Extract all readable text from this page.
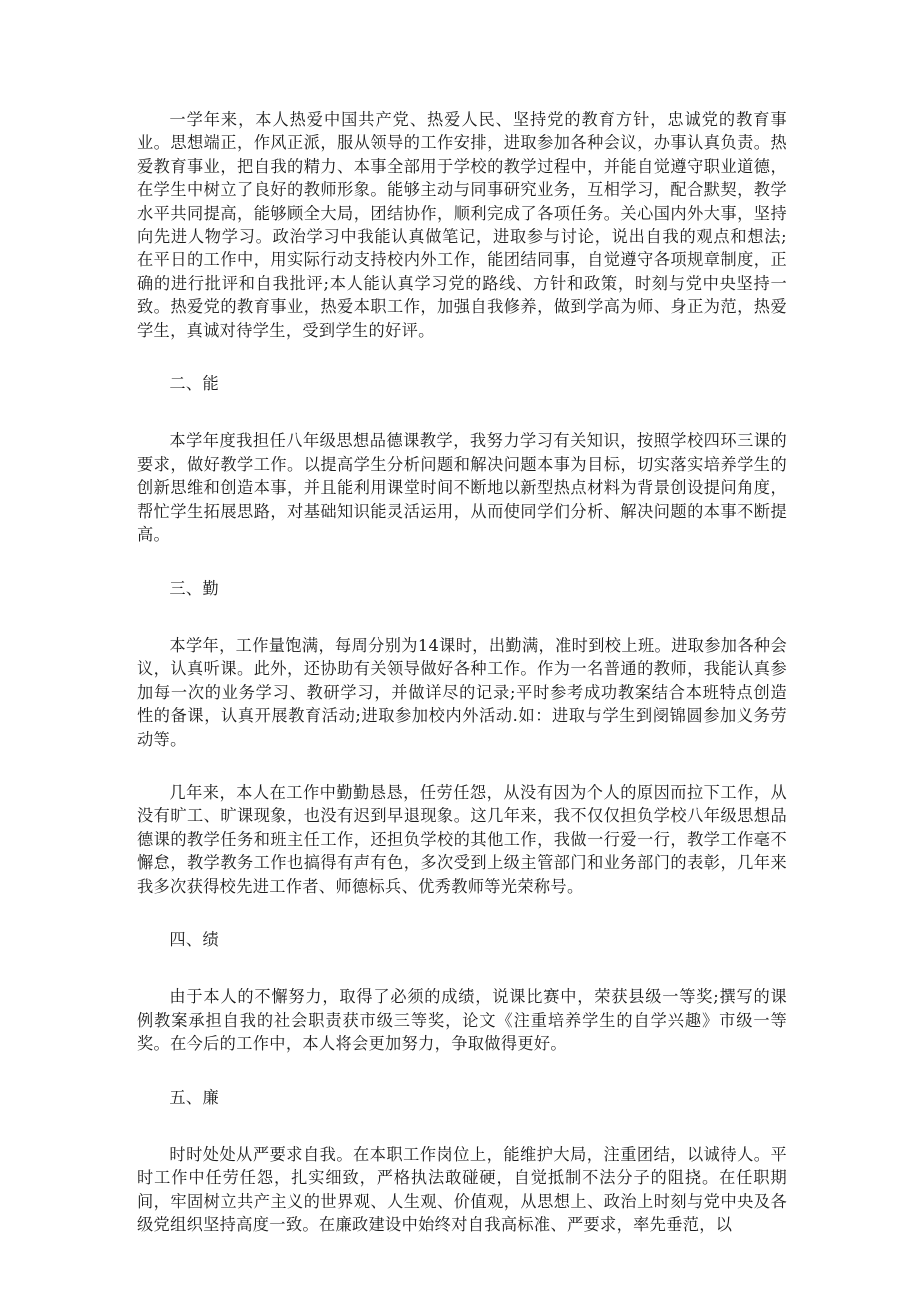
一学年来，本人热爱中国共产党、热爱人民、坚持党的教育方针，忠诚党的教育事业。思想端正，作风正派，服从领导的工作安排，进取参加各种会议，办事认真负责。热爱教育事业，把自我的精力、本事全部用于学校的教学过程中，并能自觉遵守职业道德，在学生中树立了良好的教师形象。能够主动与同事研究业务，互相学习，配合默契，教学水平共同提高，能够顾全大局，团结协作，顺利完成了各项任务。关心国内外大事，坚持向先进人物学习。政治学习中我能认真做笔记，进取参与讨论，说出自我的观点和想法;在平日的工作中，用实际行动支持校内外工作，能团结同事，自觉遵守各项规章制度，正确的进行批评和自我批评;本人能认真学习党的路线、方针和政策，时刻与党中央坚持一致。热爱党的教育事业，热爱本职工作，加强自我修养，做到学高为师、身正为范，热爱学生，真诚对待学生，受到学生的好评。

二、能

本学年度我担任八年级思想品德课教学，我努力学习有关知识，按照学校四环三课的要求，做好教学工作。以提高学生分析问题和解决问题本事为目标，切实落实培养学生的创新思维和创造本事，并且能利用课堂时间不断地以新型热点材料为背景创设提问角度，帮忙学生拓展思路，对基础知识能灵活运用，从而使同学们分析、解决问题的本事不断提高。

三、勤

本学年，工作量饱满，每周分别为14课时，出勤满，准时到校上班。进取参加各种会议，认真听课。此外，还协助有关领导做好各种工作。作为一名普通的教师，我能认真参加每一次的业务学习、教研学习，并做详尽的记录;平时参考成功教案结合本班特点创造性的备课，认真开展教育活动;进取参加校内外活动.如：进取与学生到阌锦圆参加义务劳动等。

几年来，本人在工作中勤勤恳恳，任劳任怨，从没有因为个人的原因而拉下工作，从没有旷工、旷课现象，也没有迟到早退现象。这几年来，我不仅仅担负学校八年级思想品德课的教学任务和班主任工作，还担负学校的其他工作，我做一行爱一行，教学工作毫不懈怠，教学教务工作也搞得有声有色，多次受到上级主管部门和业务部门的表彰，几年来我多次获得校先进工作者、师德标兵、优秀教师等光荣称号。

四、绩

由于本人的不懈努力，取得了必须的成绩，说课比赛中，荣获县级一等奖;撰写的课例教案承担自我的社会职责获市级三等奖，论文《注重培养学生的自学兴趣》市级一等奖。在今后的工作中，本人将会更加努力，争取做得更好。

五、廉

时时处处从严要求自我。在本职工作岗位上，能维护大局，注重团结，以诚待人。平时工作中任劳任怨，扎实细致，严格执法敢碰硬，自觉抵制不法分子的阻挠。在任职期间，牢固树立共产主义的世界观、人生观、价值观，从思想上、政治上时刻与党中央及各级党组织坚持高度一致。在廉政建设中始终对自我高标准、严要求，率先垂范，以
